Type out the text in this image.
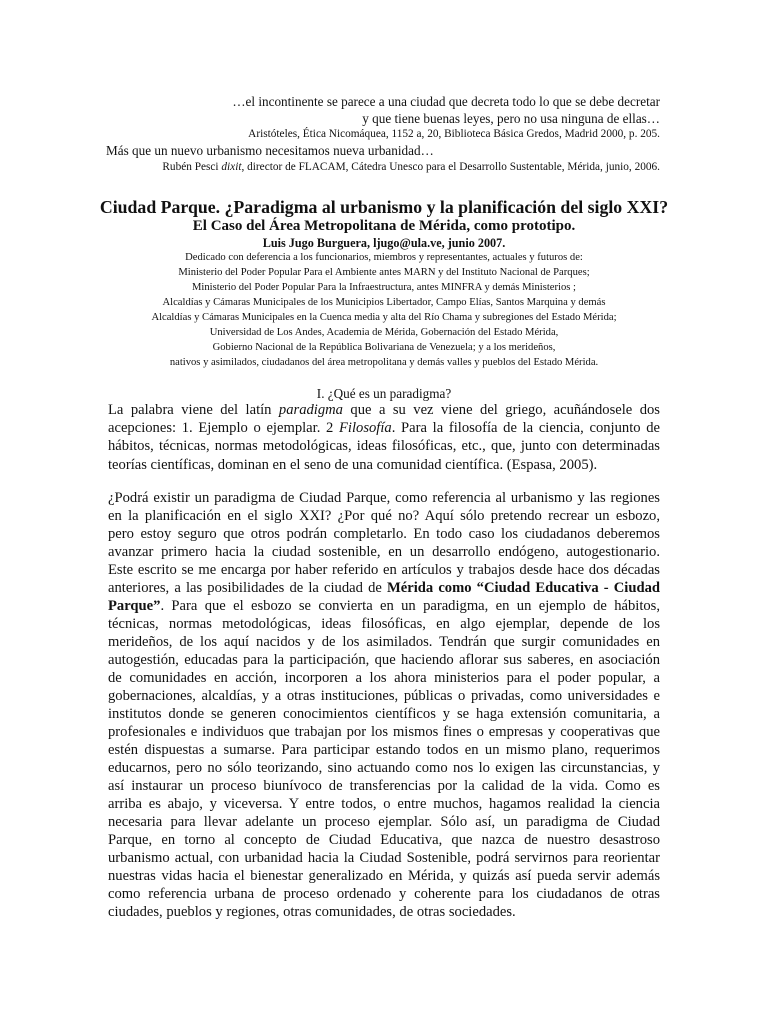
…el incontinente se parece a una ciudad que decreta todo lo que se debe decretar
y que tiene buenas leyes, pero no usa ninguna de ellas…
Aristóteles, Ética Nicomáquea, 1152 a, 20, Biblioteca Básica Gredos, Madrid 2000, p. 205.
Más que un nuevo urbanismo necesitamos nueva urbanidad…
Rubén Pesci dixit, director de FLACAM, Cátedra Unesco para el Desarrollo Sustentable, Mérida, junio, 2006.
Ciudad Parque. ¿Paradigma al urbanismo y la planificación del siglo XXI?
El Caso del Área Metropolitana de Mérida, como prototipo.
Luis Jugo Burguera, ljugo@ula.ve, junio 2007.
Dedicado con deferencia a los funcionarios, miembros y representantes, actuales y futuros de:
Ministerio del Poder Popular Para el Ambiente antes MARN y del Instituto Nacional de Parques;
Ministerio del Poder Popular Para la Infraestructura, antes MINFRA y demás Ministerios ;
Alcaldías y Cámaras Municipales de los Municipios Libertador, Campo Elías, Santos Marquina y demás
Alcaldías y Cámaras Municipales en la Cuenca media y alta del Río Chama y subregiones del Estado Mérida;
Universidad de Los Andes, Academia de Mérida, Gobernación del Estado Mérida,
Gobierno Nacional de la República Bolivariana de Venezuela; y a los merideños,
nativos y asimilados, ciudadanos del área metropolitana y demás valles y pueblos del Estado Mérida.
I. ¿Qué es un paradigma?
La palabra viene del latín paradigma que a su vez viene del griego, acuñándosele dos
acepciones: 1. Ejemplo o ejemplar. 2 Filosofía. Para la filosofía de la ciencia, conjunto de
hábitos, técnicas, normas metodológicas, ideas filosóficas, etc., que, junto con determinadas
teorías científicas, dominan en el seno de una comunidad científica. (Espasa, 2005).
¿Podrá existir un paradigma de Ciudad Parque, como referencia al urbanismo y las regiones
en la planificación en el siglo XXI? ¿Por qué no? Aquí sólo pretendo recrear un esbozo,
pero estoy seguro que otros podrán completarlo. En todo caso los ciudadanos deberemos
avanzar primero hacia la ciudad sostenible, en un desarrollo endógeno, autogestionario.
Este escrito se me encarga por haber referido en artículos y trabajos desde hace dos décadas
anteriores, a las posibilidades de la ciudad de Mérida como “Ciudad Educativa - Ciudad
Parque”. Para que el esbozo se convierta en un paradigma, en un ejemplo de hábitos,
técnicas, normas metodológicas, ideas filosóficas, en algo ejemplar, depende de los
merideños, de los aquí nacidos y de los asimilados. Tendrán que surgir comunidades en
autogestión, educadas para la participación, que haciendo aflorar sus saberes, en asociación
de comunidades en acción, incorporen a los ahora ministerios para el poder popular, a
gobernaciones, alcaldías, y a otras instituciones, públicas o privadas, como universidades e
institutos donde se generen conocimientos científicos y se haga extensión comunitaria, a
profesionales e individuos que trabajan por los mismos fines o empresas y cooperativas que
estén dispuestas a sumarse. Para participar estando todos en un mismo plano, requerimos
educarnos, pero no sólo teorizando, sino actuando como nos lo exigen las circunstancias, y
así instaurar un proceso biunívoco de transferencias por la calidad de la vida. Como es
arriba es abajo, y viceversa. Y entre todos, o entre muchos, hagamos realidad la ciencia
necesaria para llevar adelante un proceso ejemplar. Sólo así, un paradigma de Ciudad
Parque, en torno al concepto de Ciudad Educativa, que nazca de nuestro desastroso
urbanismo actual, con urbanidad hacia la Ciudad Sostenible, podrá servirnos para reorientar
nuestras vidas hacia el bienestar generalizado en Mérida, y quizás así pueda servir además
como referencia urbana de proceso ordenado y coherente para los ciudadanos de otras
ciudades, pueblos y regiones, otras comunidades, de otras sociedades.
